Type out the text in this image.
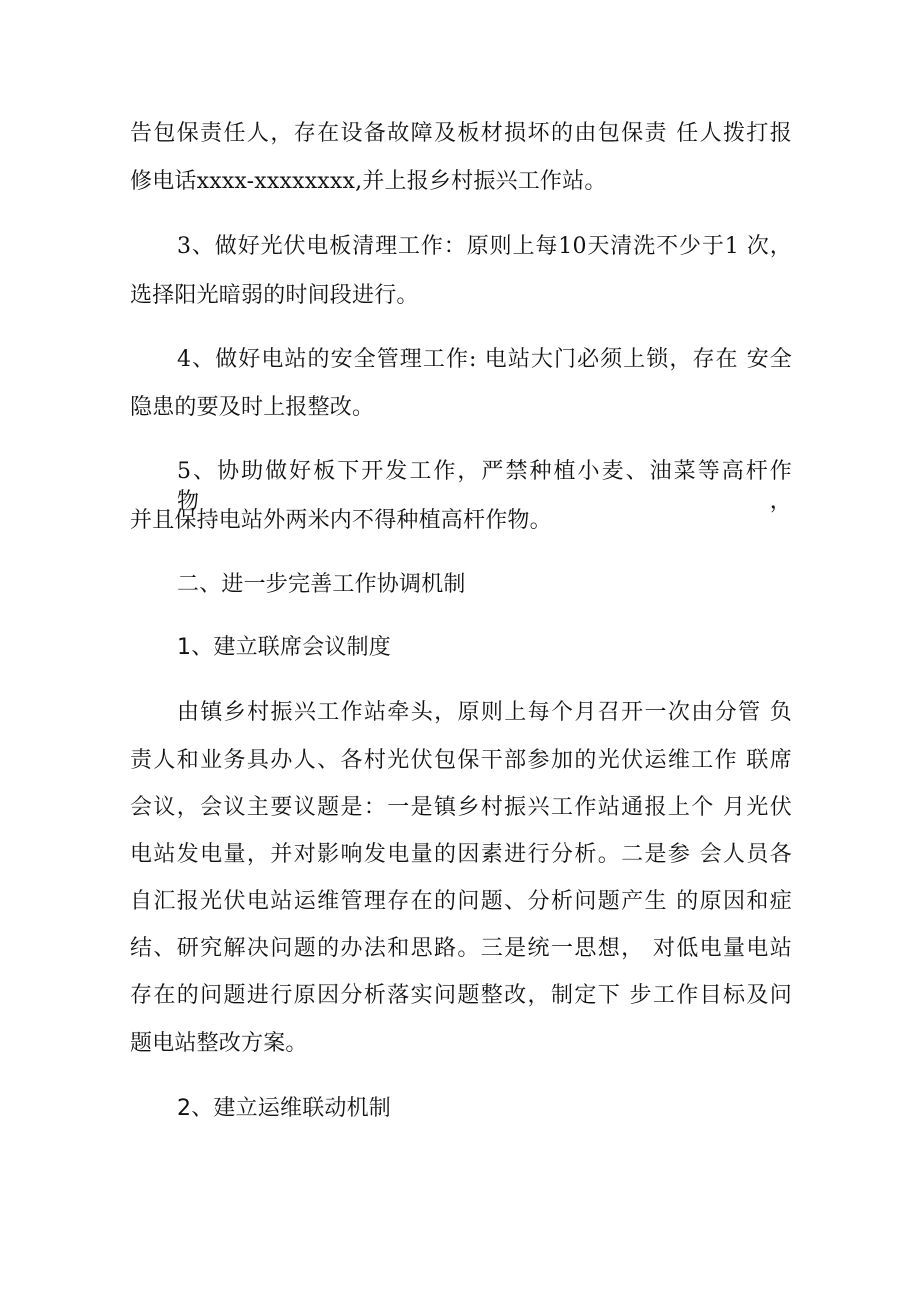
告包保责任人，存在设备故障及板材损坏的由包保责 任人拨打报
修电话xxxx-xxxxxxxx,并上报乡村振兴工作站。
3、做好光伏电板清理工作：原则上每10天清洗不少于1 次，
选择阳光暗弱的时间段进行。
4、做好电站的安全管理工作: 电站大门必须上锁，存在 安全
隐患的要及时上报整改。
5、协助做好板下开发工作，严禁种植小麦、油菜等高杆作 物，
并且保持电站外两米内不得种植高杆作物。
二、进一步完善工作协调机制
1、建立联席会议制度
由镇乡村振兴工作站牵头，原则上每个月召开一次由分管 负
责人和业务具办人、各村光伏包保干部参加的光伏运维工作 联席
会议，会议主要议题是：一是镇乡村振兴工作站通报上个 月光伏
电站发电量，并对影响发电量的因素进行分析。二是参 会人员各
自汇报光伏电站运维管理存在的问题、分析问题产生 的原因和症
结、研究解决问题的办法和思路。三是统一思想， 对低电量电站
存在的问题进行原因分析落实问题整改，制定下 步工作目标及问
题电站整改方案。
2、建立运维联动机制
